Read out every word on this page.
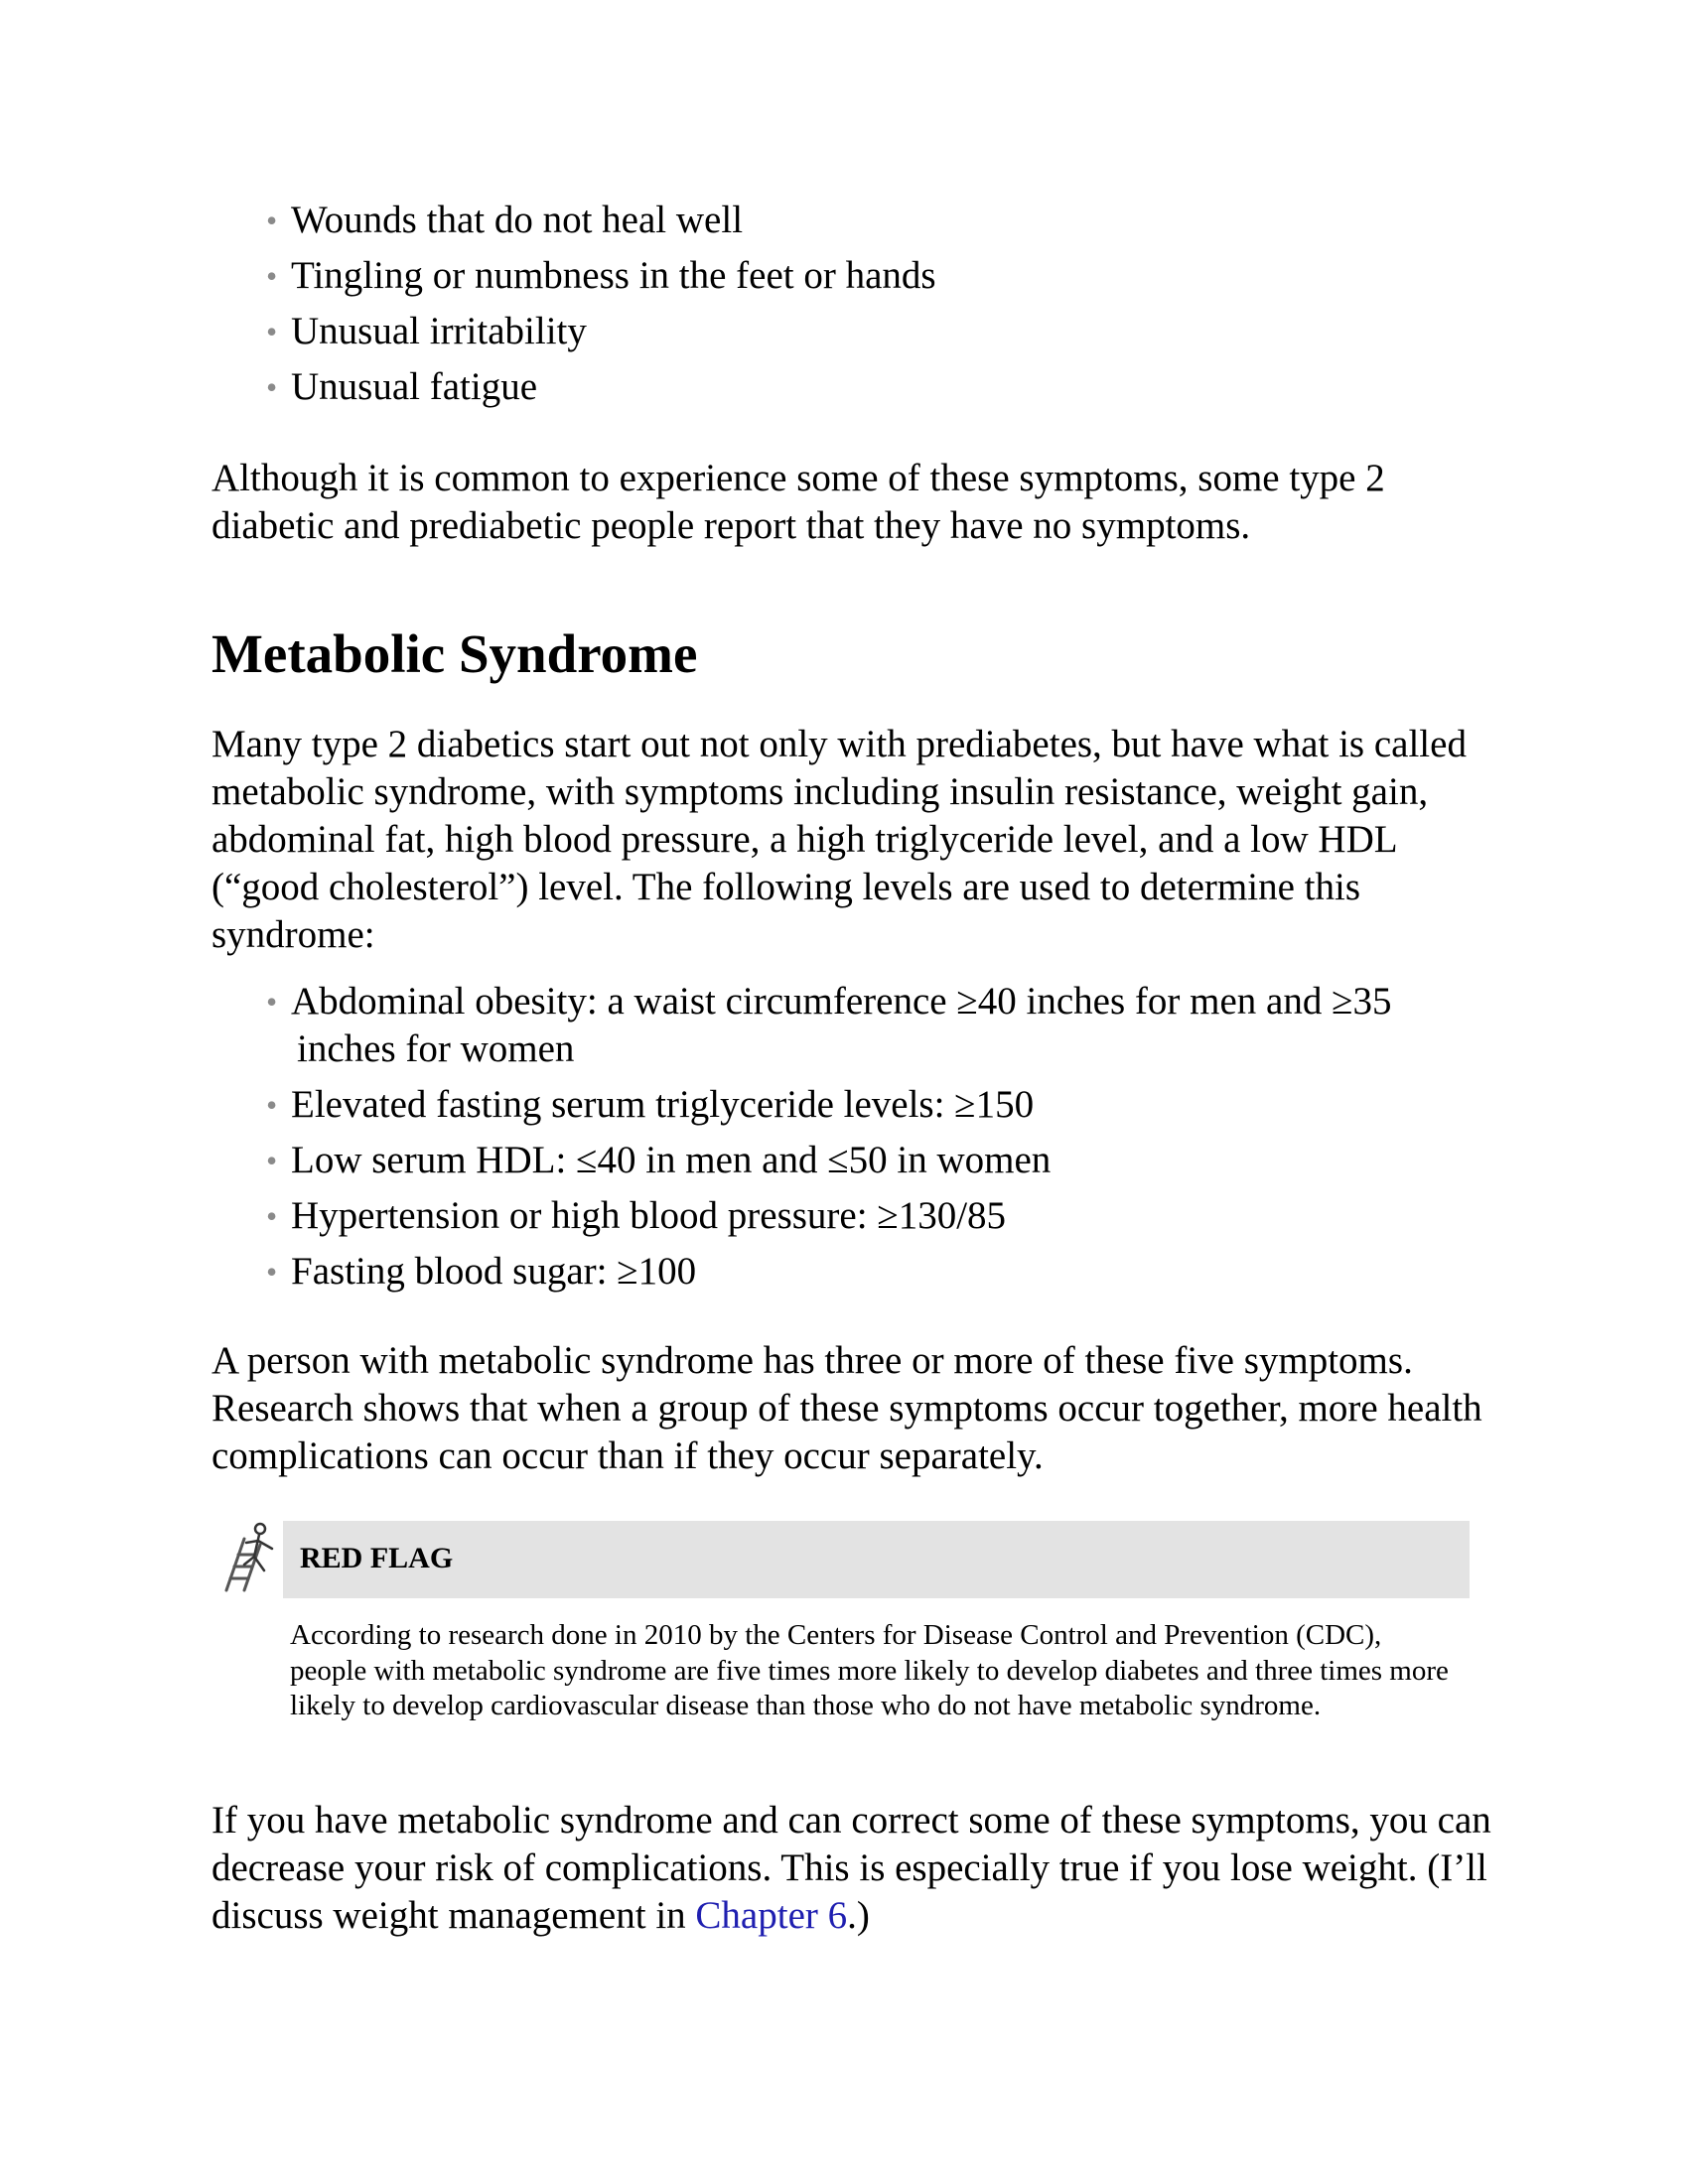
• Wounds that do not heal well
• Tingling or numbness in the feet or hands
• Unusual irritability
• Unusual fatigue

Although it is common to experience some of these symptoms, some type 2 diabetic and prediabetic people report that they have no symptoms.

Metabolic Syndrome

Many type 2 diabetics start out not only with prediabetes, but have what is called metabolic syndrome, with symptoms including insulin resistance, weight gain, abdominal fat, high blood pressure, a high triglyceride level, and a low HDL (“good cholesterol”) level. The following levels are used to determine this syndrome:

• Abdominal obesity: a waist circumference ≥40 inches for men and ≥35
inches for women
• Elevated fasting serum triglyceride levels: ≥150
• Low serum HDL: ≤40 in men and ≤50 in women
• Hypertension or high blood pressure: ≥130/85
• Fasting blood sugar: ≥100

A person with metabolic syndrome has three or more of these five symptoms. Research shows that when a group of these symptoms occur together, more health complications can occur than if they occur separately.

RED FLAG

According to research done in 2010 by the Centers for Disease Control and Prevention (CDC), people with metabolic syndrome are five times more likely to develop diabetes and three times more likely to develop cardiovascular disease than those who do not have metabolic syndrome.

If you have metabolic syndrome and can correct some of these symptoms, you can decrease your risk of complications. This is especially true if you lose weight. (I’ll discuss weight management in Chapter 6.)
